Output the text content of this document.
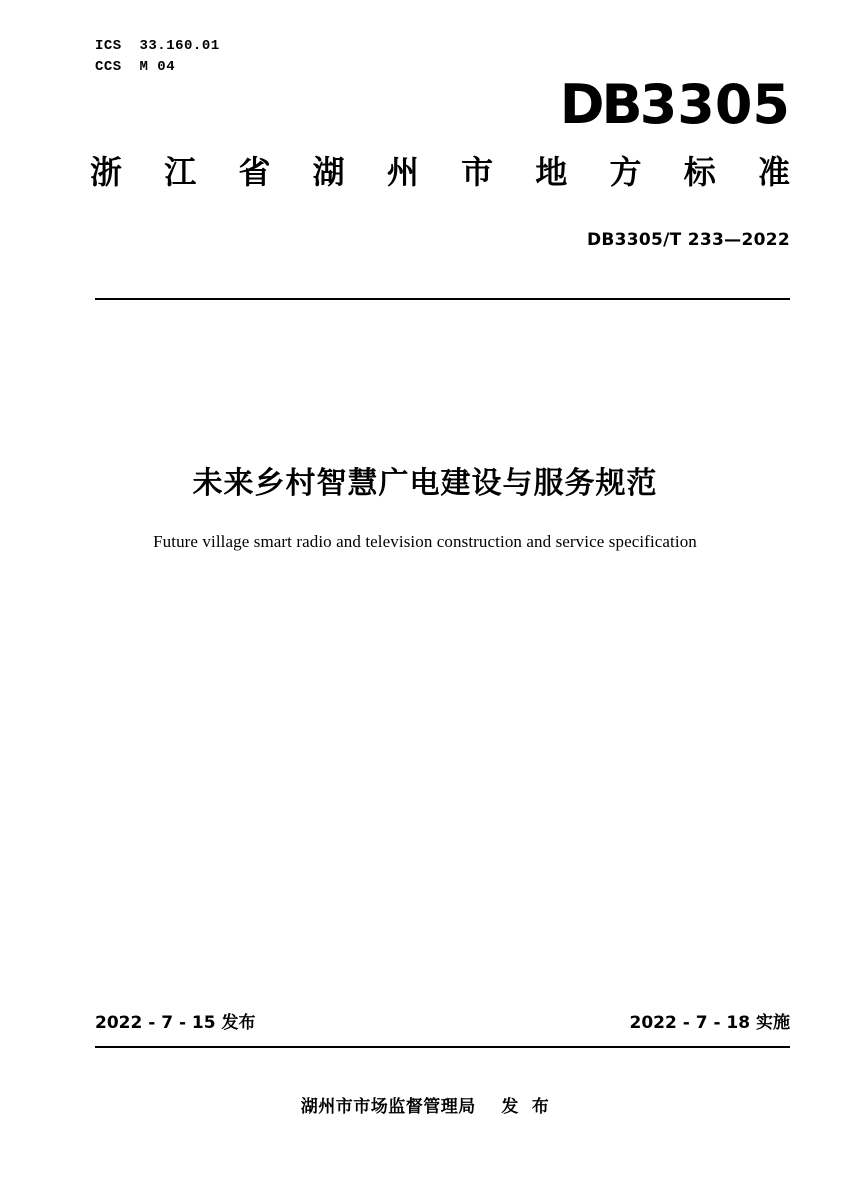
ICS  33.160.01
CCS  M 04
DB3305
浙 江 省 湖 州 市 地 方 标 准
DB3305/T 233—2022
未来乡村智慧广电建设与服务规范
Future village smart radio and television construction and service specification
2022 - 7 - 15 发布	2022 - 7 - 18 实施
湖州市市场监督管理局    发  布
